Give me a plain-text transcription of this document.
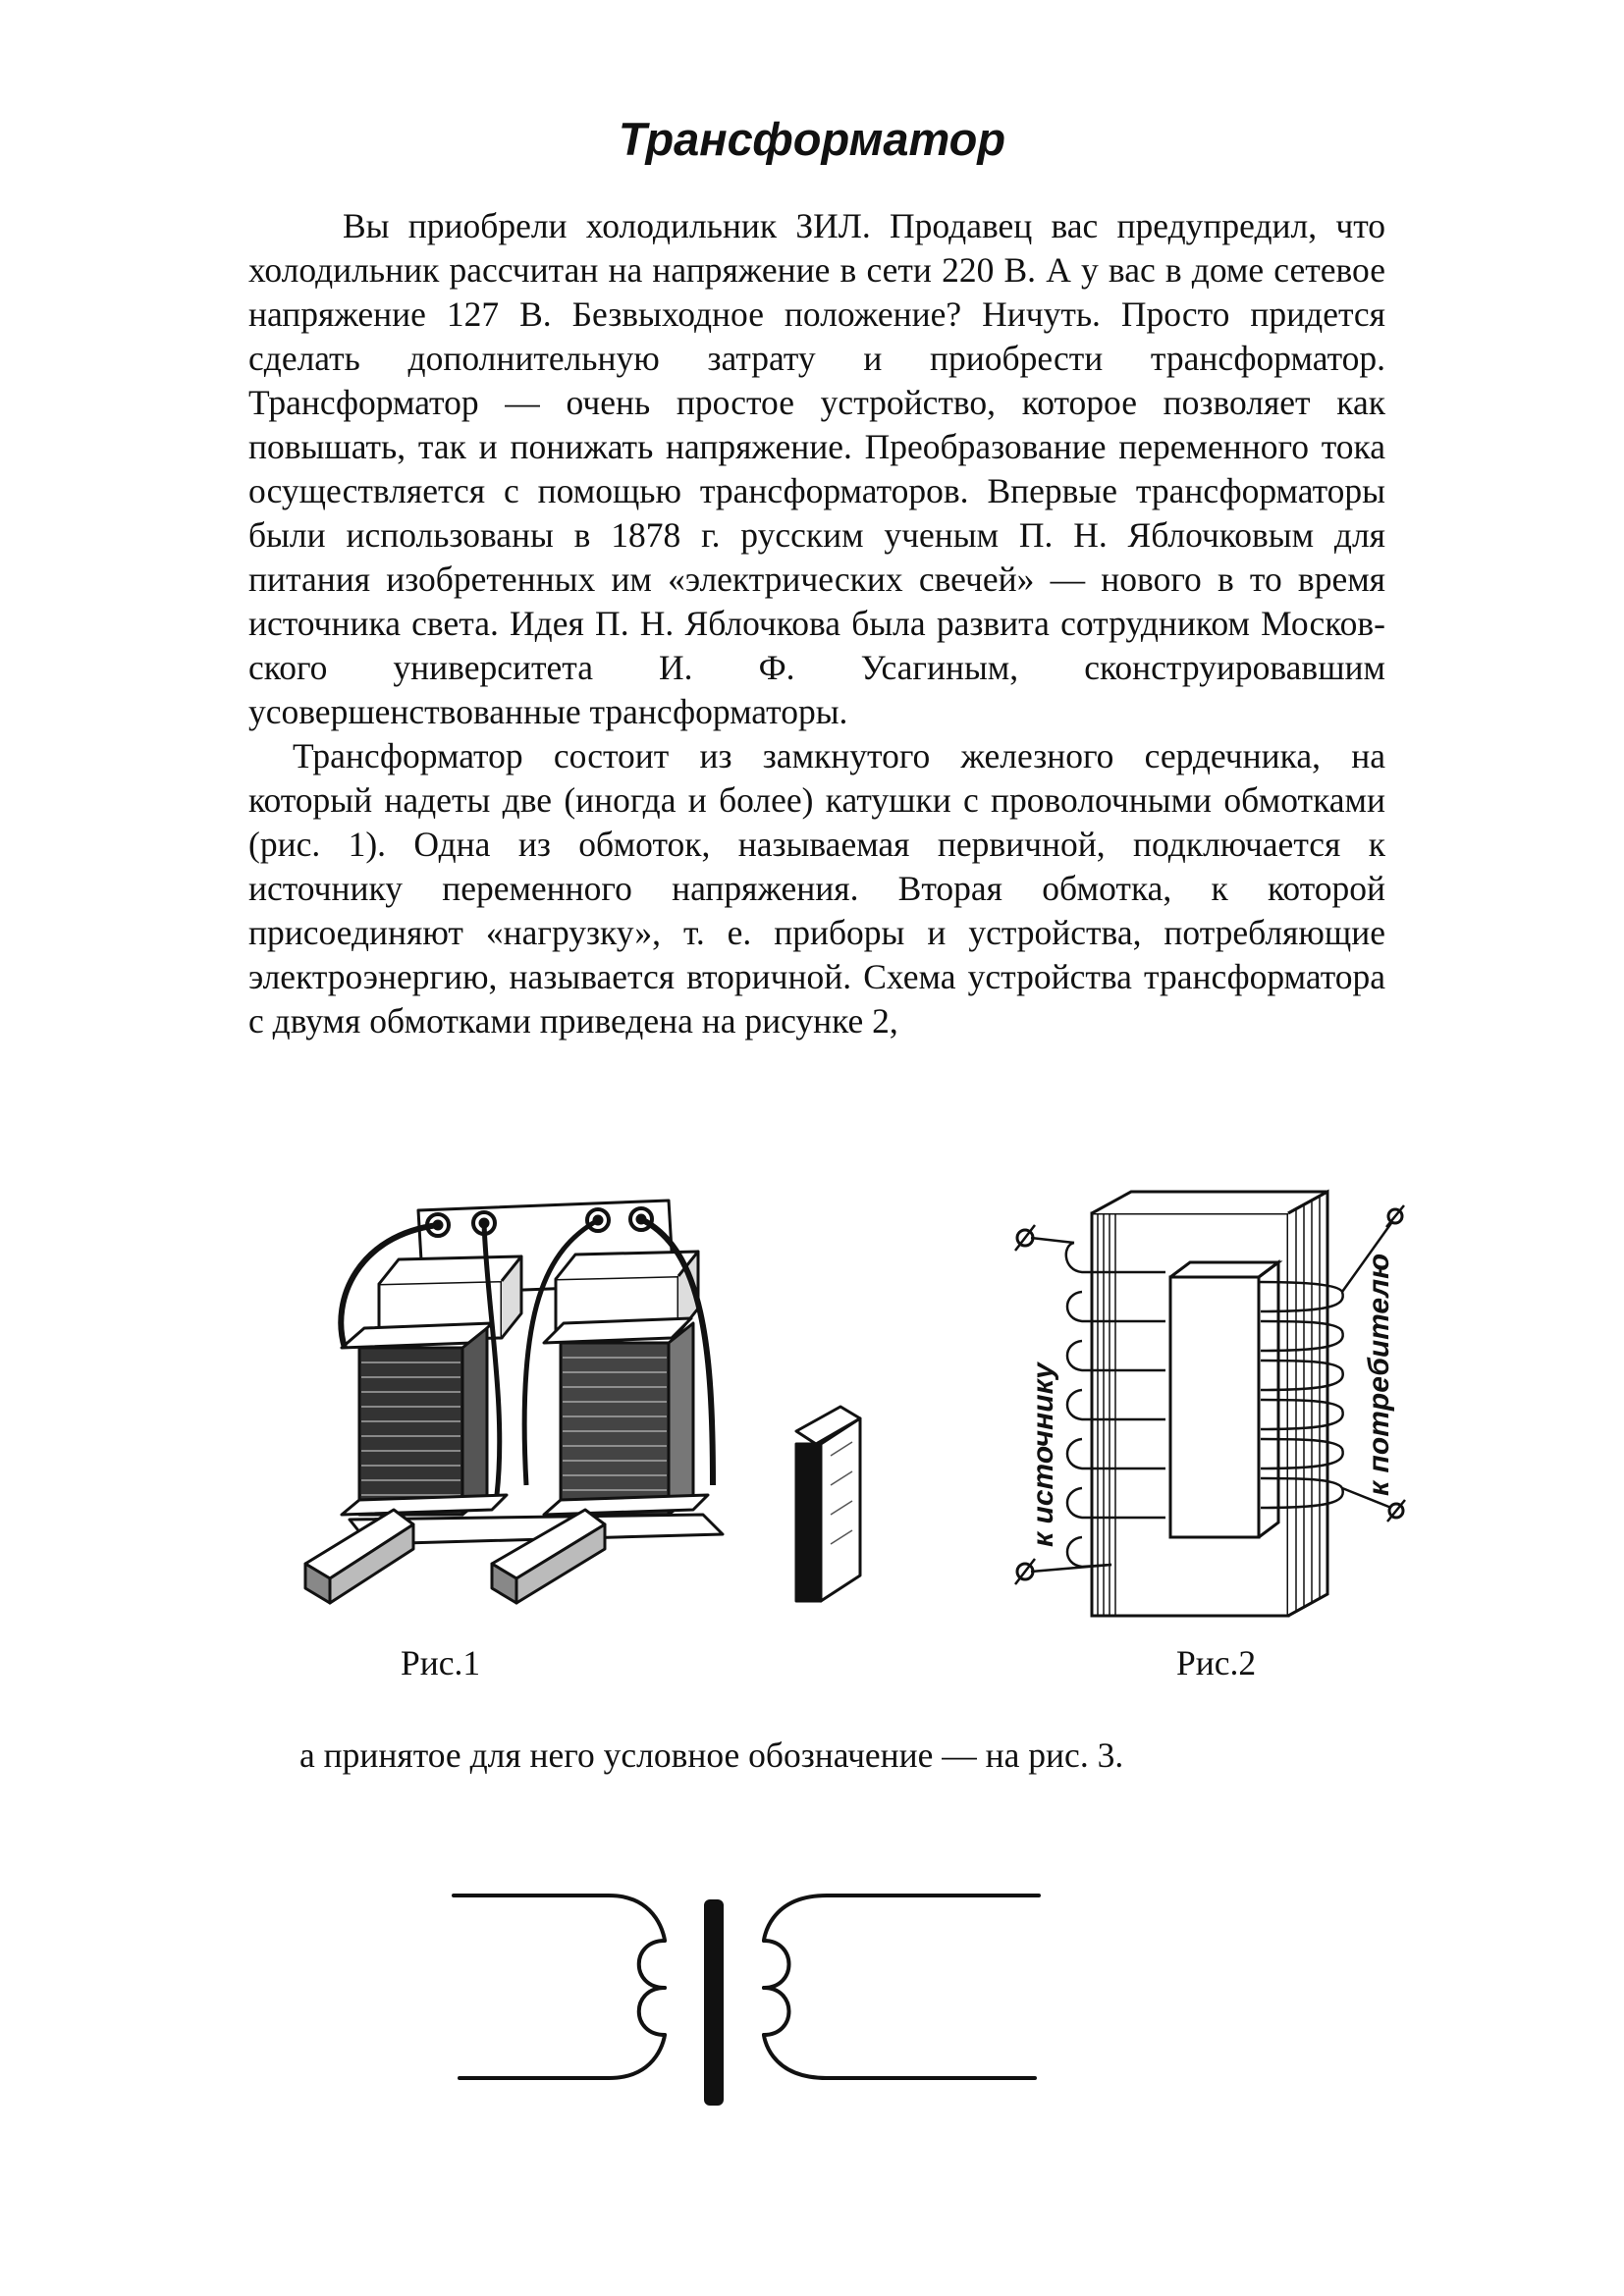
Трансформатор

Вы приобрели холодильник ЗИЛ. Продавец вас предупредил, что холодильник рассчитан на напряжение в сети 220 В. А у вас в доме сетевое напряжение 127 В. Безвыходное положение? Ничуть. Просто придется сделать дополнительную затрату и приобрести трансформатор. Трансформатор — очень простое устройство, которое позволяет как повышать, так и понижать напряжение. Преобразование переменного тока осуществляется с помощью трансформаторов. Впервые трансформаторы были использованы в 1878 г. русским ученым П. Н. Яблочковым для питания изобретенных им «электрических свечей» — нового в то время источника света. Идея П. Н. Яблочкова была развита сотрудником Московского университета И. Ф. Усагиным, сконструировавшим усовершенствованные трансформаторы.

Трансформатор состоит из замкнутого железного сердечника, на который надеты две (иногда и более) катушки с проволочными обмотками (рис. 1). Одна из обмоток, называемая первичной, подключается к источнику переменного напряжения. Вторая обмотка, к которой присоединяют «нагрузку», т. е. приборы и устройства, потребляющие электроэнергию, называется вторичной. Схема устройства трансформатора с двумя обмотками приведена на рисунке 2,

к источнику	к потребителю
Рис.1	Рис.2
а принятое для него условное обозначение — на рис. 3.
